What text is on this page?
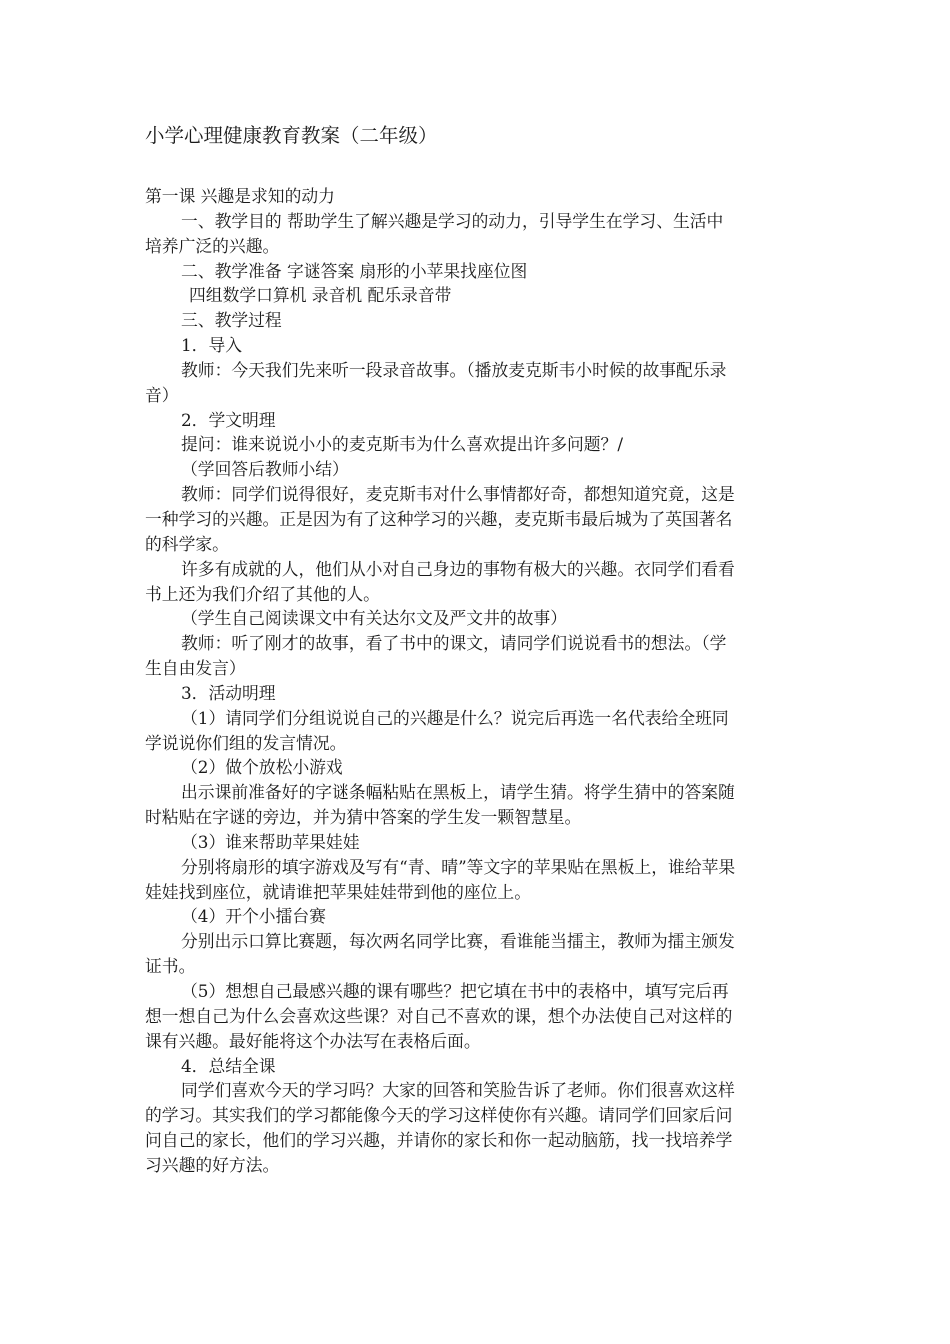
小学心理健康教育教案（二年级）
第一课 兴趣是求知的动力
一、教学目的 帮助学生了解兴趣是学习的动力，引导学生在学习、生活中
培养广泛的兴趣。
二、教学准备 字谜答案 扇形的小苹果找座位图
四组数学口算机 录音机 配乐录音带
三、教学过程
1．导入
教师：今天我们先来听一段录音故事。（播放麦克斯韦小时候的故事配乐录
音）
2．学文明理
提问：谁来说说小小的麦克斯韦为什么喜欢提出许多问题？/
（学回答后教师小结）
教师：同学们说得很好，麦克斯韦对什么事情都好奇，都想知道究竟，这是
一种学习的兴趣。正是因为有了这种学习的兴趣，麦克斯韦最后城为了英国著名
的科学家。
许多有成就的人，他们从小对自己身边的事物有极大的兴趣。衣同学们看看
书上还为我们介绍了其他的人。
（学生自己阅读课文中有关达尔文及严文井的故事）
教师：听了刚才的故事，看了书中的课文，请同学们说说看书的想法。（学
生自由发言）
3．活动明理
（1）请同学们分组说说自己的兴趣是什么？说完后再选一名代表给全班同
学说说你们组的发言情况。
（2）做个放松小游戏
出示课前准备好的字谜条幅粘贴在黑板上，请学生猜。将学生猜中的答案随
时粘贴在字谜的旁边，并为猜中答案的学生发一颗智慧星。
（3）谁来帮助苹果娃娃
分别将扇形的填字游戏及写有“青、晴”等文字的苹果贴在黑板上，谁给苹果
娃娃找到座位，就请谁把苹果娃娃带到他的座位上。
（4）开个小擂台赛
分别出示口算比赛题，每次两名同学比赛，看谁能当擂主，教师为擂主颁发
证书。
（5）想想自己最感兴趣的课有哪些？把它填在书中的表格中，填写完后再
想一想自己为什么会喜欢这些课？对自己不喜欢的课，想个办法使自己对这样的
课有兴趣。最好能将这个办法写在表格后面。
4．总结全课
同学们喜欢今天的学习吗？大家的回答和笑脸告诉了老师。你们很喜欢这样
的学习。其实我们的学习都能像今天的学习这样使你有兴趣。请同学们回家后问
问自己的家长，他们的学习兴趣，并请你的家长和你一起动脑筋，找一找培养学
习兴趣的好方法。
